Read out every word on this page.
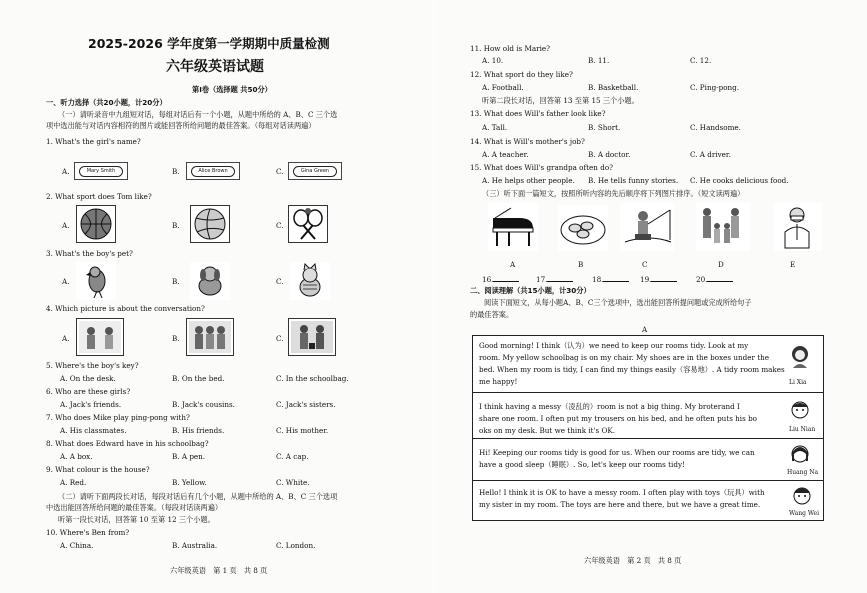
2025-2026 学年度第一学期期中质量检测
六年级英语试题
第Ⅰ卷（选择题 共50分）
一、听力选择（共20小题，计20分）
（一）请听录音中九组短对话，每组对话后有一个小题，从题中所给的 A、B、C 三个选
项中选出能与对话内容相符的图片或能回答所给问题的最佳答案。（每组对话读两遍）
1. What's the girl's name?
A.	Mary Smith	B.	Alice Brown	C.	Gina Green
2. What sport does Tom like?
A.	B.	C.
3. What's the boy's pet?
A.	B.	C.
4. Which picture is about the conversation?
A.	B.	C.
5. Where's the boy's key?
A. On the desk.	B. On the bed.	C. In the schoolbag.
6. Who are these girls?
A. Jack's friends.	B. Jack's cousins.	C. Jack's sisters.
7. Who does Mike play ping-pong with?
A. His classmates.	B. His friends.	C. His mother.
8. What does Edward have in his schoolbag?
A. A box.	B. A pen.	C. A cap.
9. What colour is the house?
A. Red.	B. Yellow.	C. White.
（二）请听下面两段长对话，每段对话后有几个小题，从题中所给的 A、B、C 三个选项
中选出能回答所给问题的最佳答案。（每段对话读两遍）
听第一段长对话，回答第 10 至第 12 三个小题。
10. Where's Ben from?
A. China.	B. Australia.	C. London.
六年级英语　第 1 页　共 8 页
11. How old is Marie?
A. 10.	B. 11.	C. 12.
12. What sport do they like?
A. Football.	B. Basketball.	C. Ping-pong.
听第二段长对话，回答第 13 至第 15 三个小题。
13. What does Will's father look like?
A. Tall.	B. Short.	C. Handsome.
14. What is Will's mother's job?
A. A teacher.	B. A doctor.	C. A driver.
15. What does Will's grandpa often do?
A. He helps other people. B. He tells funny stories. C. He cooks delicious food.
（三）听下面一篇短文，按照所听内容的先后顺序将下列图片排序。（短文读两遍）
A	B	C	D	E
16.	17.	18.	19.	20.
二、阅读理解（共15小题，计30分）
阅读下面短文，从每小题A、B、C三个选项中，选出能回答所提问题或完成所给句子
的最佳答案。
A
六年级英语　第 2 页　共 8 页
Good morning! I think（认为）we need to keep our rooms tidy. Look at my
room. My yellow schoolbag is on my chair. My shoes are in the boxes under the
bed. When my room is tidy, I can find my things easily（容易地）. A tidy room makes
me happy!	Li Xia
I think having a messy（凌乱的）room is not a big thing. My broterand I
share one room. I often put my trousers on his bed, and he often puts his bo
oks on my desk. But we think it's OK.	Liu Nian
Hi! Keeping our rooms tidy is good for us. When our rooms are tidy, we can
have a good sleep（睡眠）. So, let's keep our rooms tidy!
Huang Na
Hello! I think it is OK to have a messy room. I often play with toys（玩具）with
my sister in my room. The toys are here and there, but we have a great time.
Wang Wei
